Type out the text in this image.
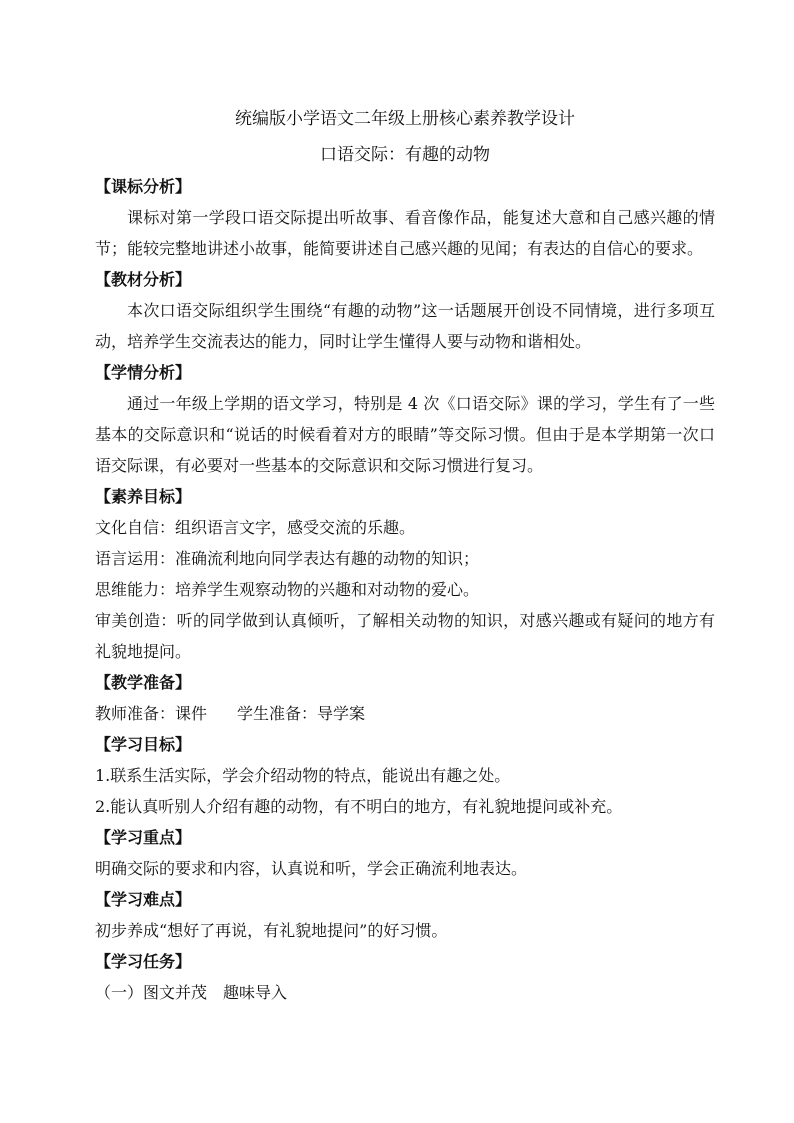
统编版小学语文二年级上册核心素养教学设计
口语交际：有趣的动物
【课标分析】
课标对第一学段口语交际提出听故事、看音像作品，能复述大意和自己感兴趣的情节；能较完整地讲述小故事，能简要讲述自己感兴趣的见闻；有表达的自信心的要求。
【教材分析】
本次口语交际组织学生围绕“有趣的动物”这一话题展开创设不同情境，进行多项互动，培养学生交流表达的能力，同时让学生懂得人要与动物和谐相处。
【学情分析】
通过一年级上学期的语文学习，特别是 4 次《口语交际》课的学习，学生有了一些基本的交际意识和“说话的时候看着对方的眼睛”等交际习惯。但由于是本学期第一次口语交际课，有必要对一些基本的交际意识和交际习惯进行复习。
【素养目标】
文化自信：组织语言文字，感受交流的乐趣。
语言运用：准确流利地向同学表达有趣的动物的知识；
思维能力：培养学生观察动物的兴趣和对动物的爱心。
审美创造：听的同学做到认真倾听，了解相关动物的知识，对感兴趣或有疑问的地方有礼貌地提问。
【教学准备】
教师准备：课件 学生准备：导学案
【学习目标】
1.联系生活实际，学会介绍动物的特点，能说出有趣之处。
2.能认真听别人介绍有趣的动物，有不明白的地方，有礼貌地提问或补充。
【学习重点】
明确交际的要求和内容，认真说和听，学会正确流利地表达。
【学习难点】
初步养成“想好了再说，有礼貌地提问”的好习惯。
【学习任务】
（一）图文并茂　趣味导入
